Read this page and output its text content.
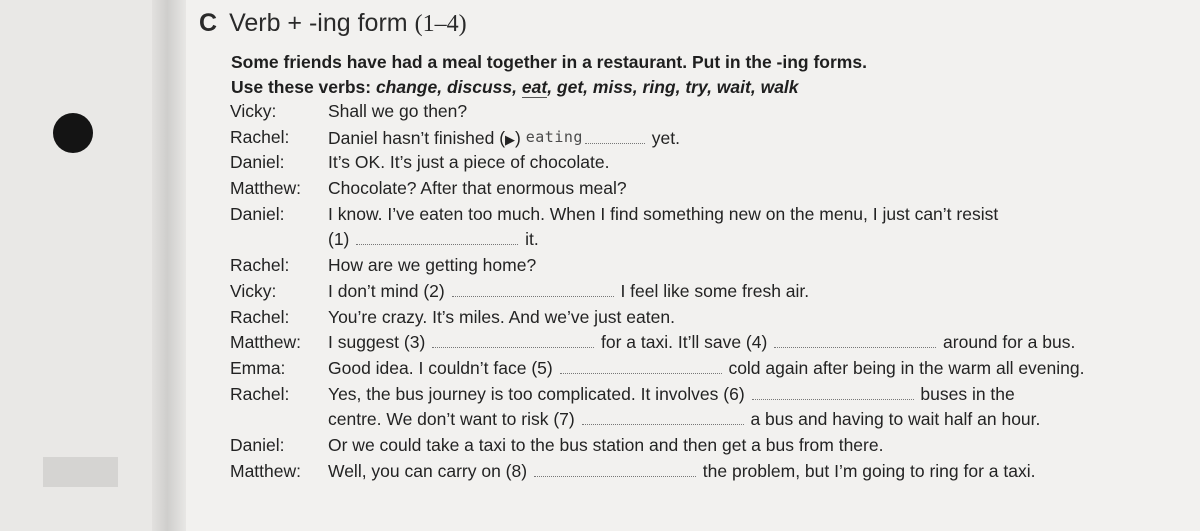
C Verb + -ing form (1–4)
Some friends have had a meal together in a restaurant. Put in the -ing forms.
Use these verbs: change, discuss, eat, get, miss, ring, try, wait, walk
Vicky:	Shall we go then?
Rachel: Daniel hasn’t finished (▶) eating	yet.
Daniel: It’s OK. It’s just a piece of chocolate.
Matthew: Chocolate? After that enormous meal?
Daniel: I know. I’ve eaten too much. When I find something new on the menu, I just can’t resist
(1)	it.
Rachel: How are we getting home?
Vicky:	I don’t mind (2)	I feel like some fresh air.
Rachel: You’re crazy. It’s miles. And we’ve just eaten.
Matthew: I suggest (3)	for a taxi. It’ll save (4)	around for a bus.
Emma: Good idea. I couldn’t face (5)	cold again after being in the warm all evening.
Rachel: Yes, the bus journey is too complicated. It involves (6)	buses in the
centre. We don’t want to risk (7)	a bus and having to wait half an hour.
Daniel: Or we could take a taxi to the bus station and then get a bus from there.
Matthew: Well, you can carry on (8)	the problem, but I’m going to ring for a taxi.
